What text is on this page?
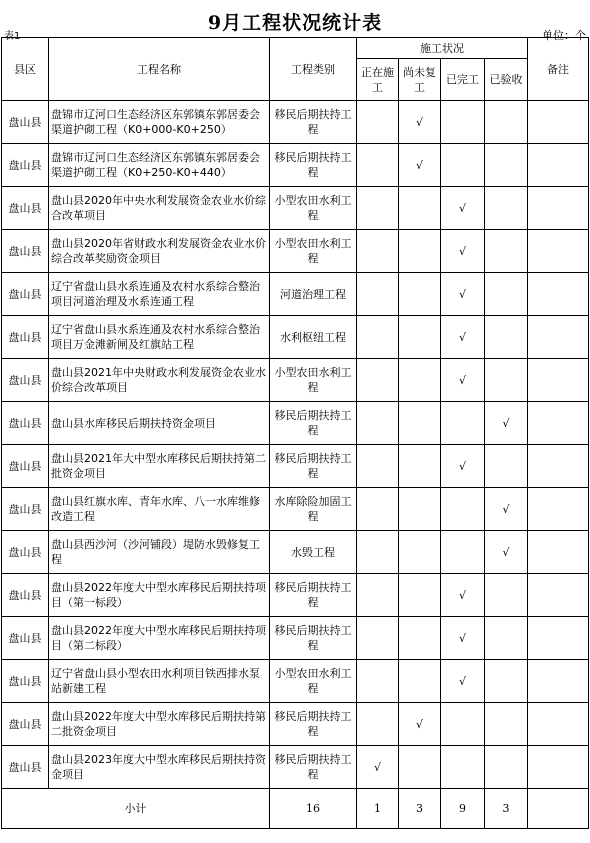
9月工程状况统计表
表1	单位：个
县区	工程名称	工程类别	施工状况				备注
			正在施工	尚未复工	已完工	已验收	
盘山县	盘锦市辽河口生态经济区东郭镇东郭居委会渠道护砌工程（K0+000-K0+250）	移民后期扶持工程		√			
盘山县	盘锦市辽河口生态经济区东郭镇东郭居委会渠道护砌工程（K0+250-K0+440）	移民后期扶持工程		√			
盘山县	盘山县2020年中央水利发展资金农业水价综合改革项目	小型农田水利工程			√		
盘山县	盘山县2020年省财政水利发展资金农业水价综合改革奖励资金项目	小型农田水利工程			√		
盘山县	辽宁省盘山县水系连通及农村水系综合整治项目河道治理及水系连通工程	河道治理工程			√		
盘山县	辽宁省盘山县水系连通及农村水系综合整治项目万金滩新闸及红旗站工程	水利枢纽工程			√		
盘山县	盘山县2021年中央财政水利发展资金农业水价综合改革项目	小型农田水利工程			√		
盘山县	盘山县水库移民后期扶持资金项目	移民后期扶持工程				√	
盘山县	盘山县2021年大中型水库移民后期扶持第二批资金项目	移民后期扶持工程			√		
盘山县	盘山县红旗水库、青年水库、八一水库维修改造工程	水库除险加固工程				√	
盘山县	盘山县西沙河（沙河铺段）堤防水毁修复工程	水毁工程				√	
盘山县	盘山县2022年度大中型水库移民后期扶持项目（第一标段）	移民后期扶持工程			√		
盘山县	盘山县2022年度大中型水库移民后期扶持项目（第二标段）	移民后期扶持工程			√		
盘山县	辽宁省盘山县小型农田水利项目铁西排水泵站新建工程	小型农田水利工程			√		
盘山县	盘山县2022年度大中型水库移民后期扶持第二批资金项目	移民后期扶持工程		√			
盘山县	盘山县2023年度大中型水库移民后期扶持资金项目	移民后期扶持工程	√				
小计		16	1	3	9	3	
